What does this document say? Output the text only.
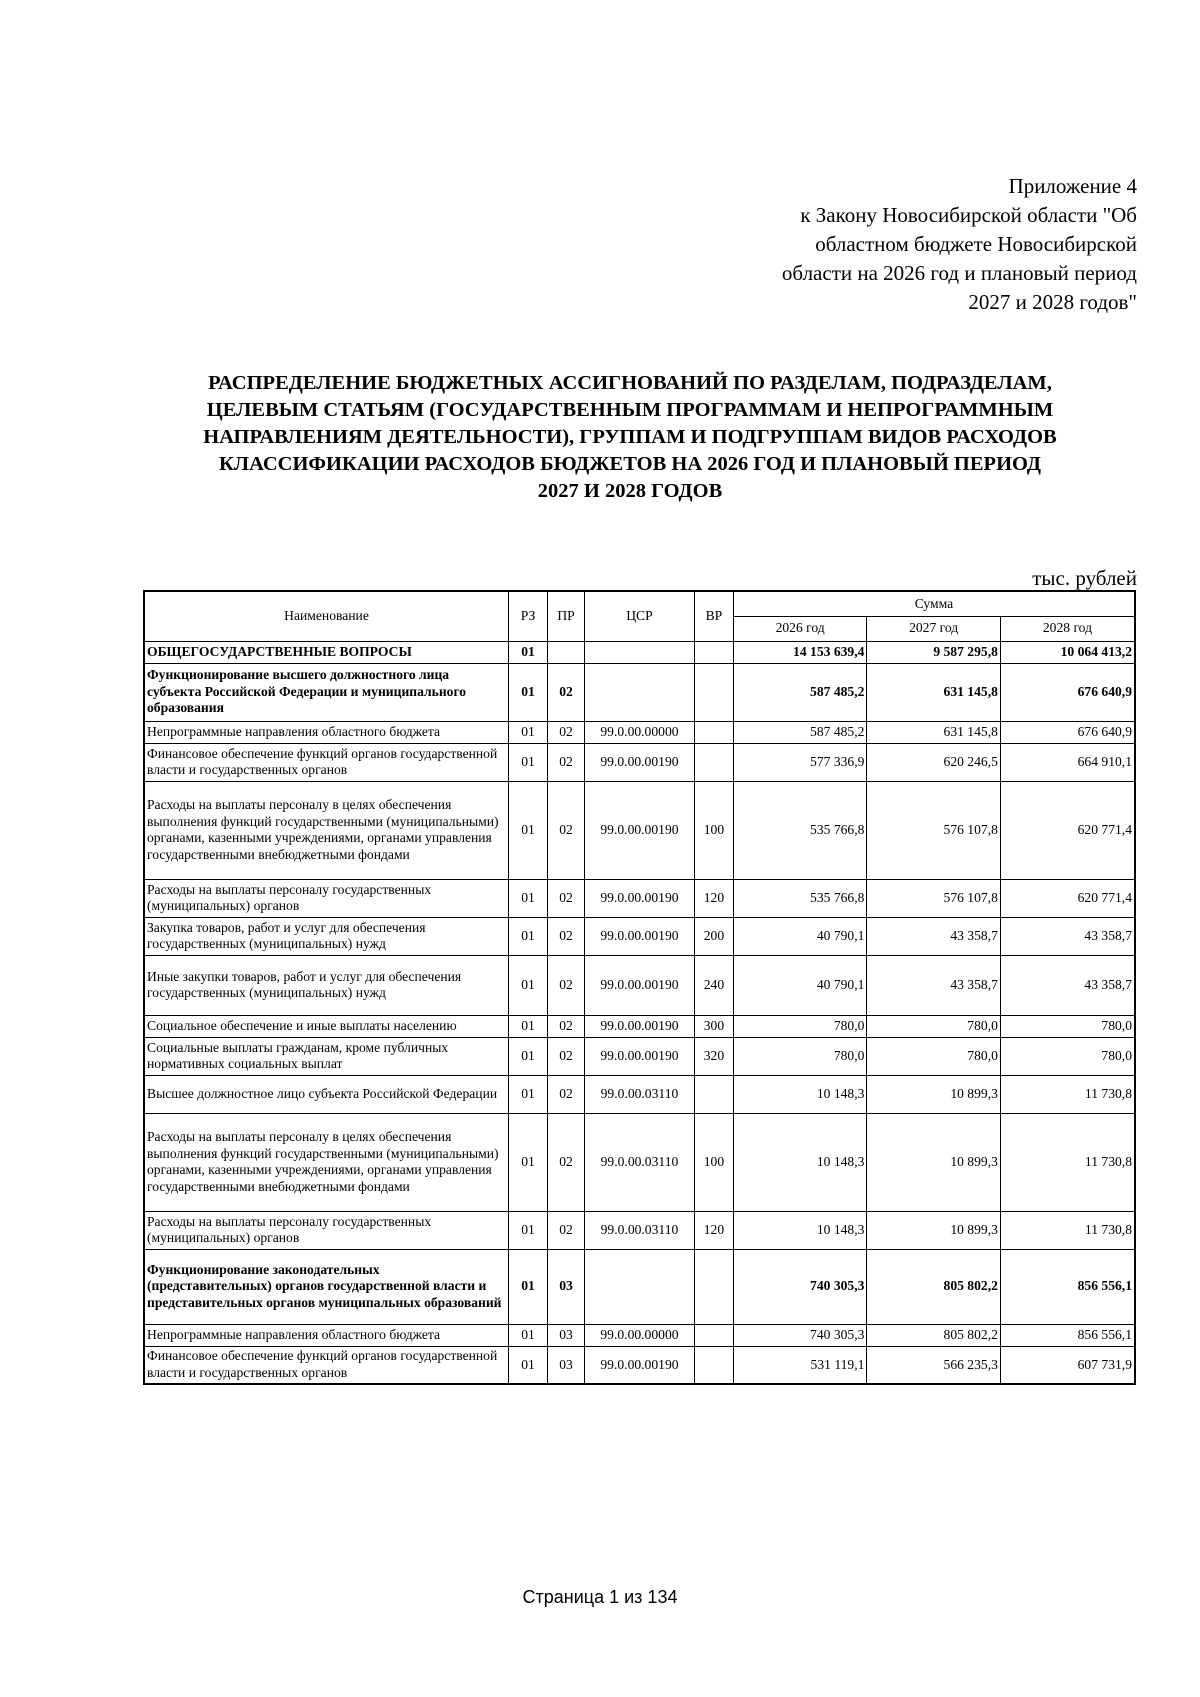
Приложение 4
к Закону Новосибирской области "Об
областном бюджете Новосибирской
области на 2026 год и плановый период
2027 и 2028 годов"
РАСПРЕДЕЛЕНИЕ БЮДЖЕТНЫХ АССИГНОВАНИЙ ПО РАЗДЕЛАМ, ПОДРАЗДЕЛАМ,
ЦЕЛЕВЫМ СТАТЬЯМ (ГОСУДАРСТВЕННЫМ ПРОГРАММАМ И НЕПРОГРАММНЫМ
НАПРАВЛЕНИЯМ ДЕЯТЕЛЬНОСТИ), ГРУППАМ И ПОДГРУППАМ ВИДОВ РАСХОДОВ
КЛАССИФИКАЦИИ РАСХОДОВ БЮДЖЕТОВ НА 2026 ГОД И ПЛАНОВЫЙ ПЕРИОД
2027 И 2028 ГОДОВ
тыс. рублей
Наименование	РЗ	ПР	ЦСР	ВР	Сумма		
					2026 год	2027 год	2028 год
ОБЩЕГОСУДАРСТВЕННЫЕ ВОПРОСЫ	01				14 153 639,4	9 587 295,8	10 064 413,2
Функционирование высшего должностного лица субъекта Российской Федерации и муниципального образования	01	02			587 485,2	631 145,8	676 640,9
Непрограммные направления областного бюджета	01	02	99.0.00.00000		587 485,2	631 145,8	676 640,9
Финансовое обеспечение функций органов государственной власти и государственных органов	01	02	99.0.00.00190		577 336,9	620 246,5	664 910,1
Расходы на выплаты персоналу в целях обеспечения выполнения функций государственными (муниципальными) органами, казенными учреждениями, органами управления государственными внебюджетными фондами	01	02	99.0.00.00190	100	535 766,8	576 107,8	620 771,4
Расходы на выплаты персоналу государственных (муниципальных) органов	01	02	99.0.00.00190	120	535 766,8	576 107,8	620 771,4
Закупка товаров, работ и услуг для обеспечения государственных (муниципальных) нужд	01	02	99.0.00.00190	200	40 790,1	43 358,7	43 358,7
Иные закупки товаров, работ и услуг для обеспечения государственных (муниципальных) нужд	01	02	99.0.00.00190	240	40 790,1	43 358,7	43 358,7
Социальное обеспечение и иные выплаты населению	01	02	99.0.00.00190	300	780,0	780,0	780,0
Социальные выплаты гражданам, кроме публичных нормативных социальных выплат	01	02	99.0.00.00190	320	780,0	780,0	780,0
Высшее должностное лицо субъекта Российской Федерации	01	02	99.0.00.03110		10 148,3	10 899,3	11 730,8
Расходы на выплаты персоналу в целях обеспечения выполнения функций государственными (муниципальными) органами, казенными учреждениями, органами управления государственными внебюджетными фондами	01	02	99.0.00.03110	100	10 148,3	10 899,3	11 730,8
Расходы на выплаты персоналу государственных (муниципальных) органов	01	02	99.0.00.03110	120	10 148,3	10 899,3	11 730,8
Функционирование законодательных (представительных) органов государственной власти и представительных органов муниципальных образований	01	03			740 305,3	805 802,2	856 556,1
Непрограммные направления областного бюджета	01	03	99.0.00.00000		740 305,3	805 802,2	856 556,1
Финансовое обеспечение функций органов государственной власти и государственных органов	01	03	99.0.00.00190		531 119,1	566 235,3	607 731,9
Страница 1 из 134
